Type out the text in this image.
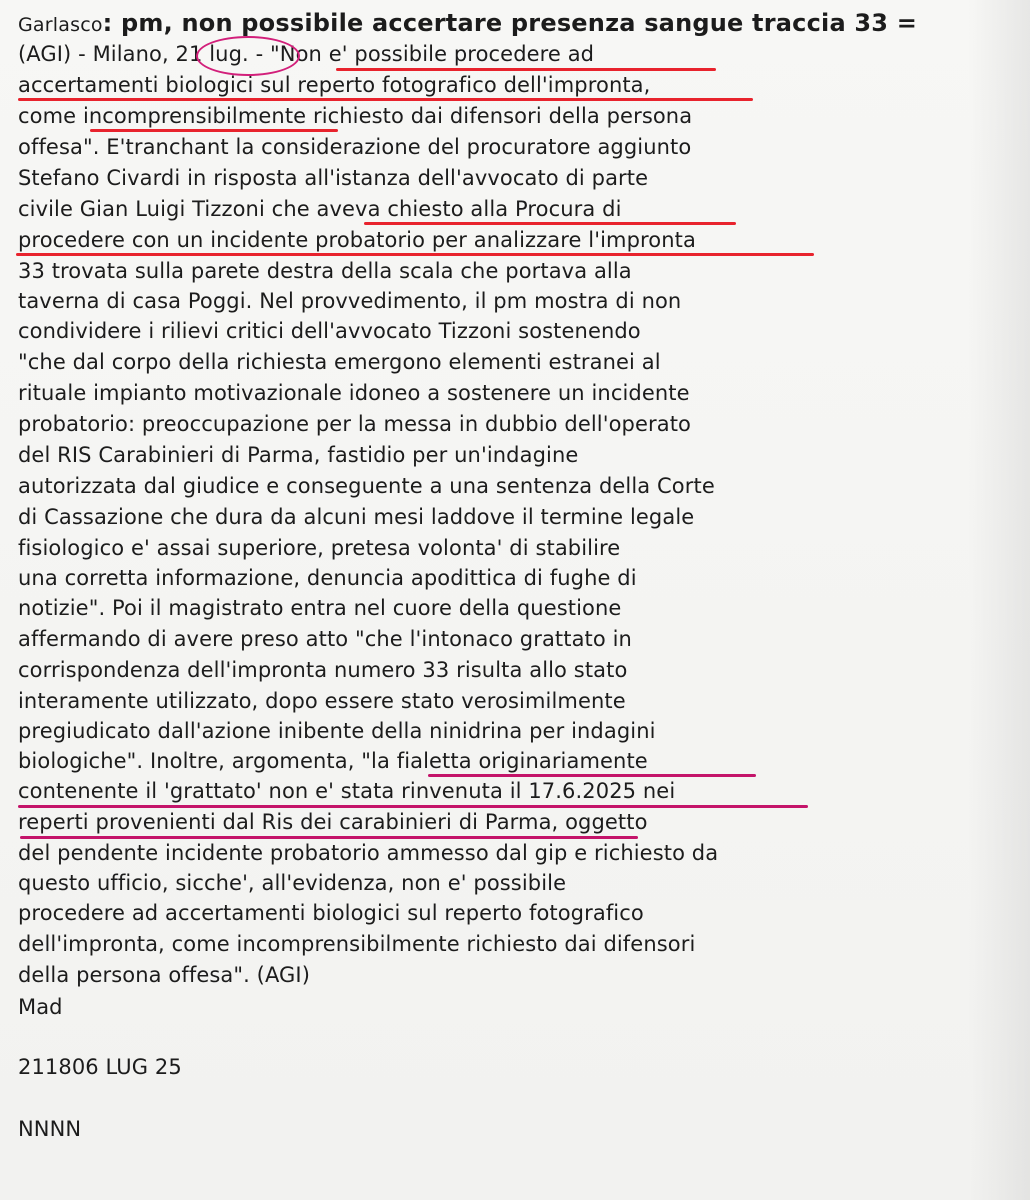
Garlasco: pm, non possibile accertare presenza sangue traccia 33 =
(AGI) - Milano, 21 lug. - "Non e' possibile procedere ad
accertamenti biologici sul reperto fotografico dell'impronta,
come incomprensibilmente richiesto dai difensori della persona
offesa". E'tranchant la considerazione del procuratore aggiunto
Stefano Civardi in risposta all'istanza dell'avvocato di parte
civile Gian Luigi Tizzoni che aveva chiesto alla Procura di
procedere con un incidente probatorio per analizzare l'impronta
33 trovata sulla parete destra della scala che portava alla
taverna di casa Poggi. Nel provvedimento, il pm mostra di non
condividere i rilievi critici dell'avvocato Tizzoni sostenendo
"che dal corpo della richiesta emergono elementi estranei al
rituale impianto motivazionale idoneo a sostenere un incidente
probatorio: preoccupazione per la messa in dubbio dell'operato
del RIS Carabinieri di Parma, fastidio per un'indagine
autorizzata dal giudice e conseguente a una sentenza della Corte
di Cassazione che dura da alcuni mesi laddove il termine legale
fisiologico e' assai superiore, pretesa volonta' di stabilire
una corretta informazione, denuncia apodittica di fughe di
notizie". Poi il magistrato entra nel cuore della questione
affermando di avere preso atto "che l'intonaco grattato in
corrispondenza dell'impronta numero 33 risulta allo stato
interamente utilizzato, dopo essere stato verosimilmente
pregiudicato dall'azione inibente della ninidrina per indagini
biologiche". Inoltre, argomenta, "la fialetta originariamente
contenente il 'grattato' non e' stata rinvenuta il 17.6.2025 nei
reperti provenienti dal Ris dei carabinieri di Parma, oggetto
del pendente incidente probatorio ammesso dal gip e richiesto da
questo ufficio, sicche', all'evidenza, non e' possibile
procedere ad accertamenti biologici sul reperto fotografico
dell'impronta, come incomprensibilmente richiesto dai difensori
della persona offesa". (AGI)
Mad
211806 LUG 25
NNNN
